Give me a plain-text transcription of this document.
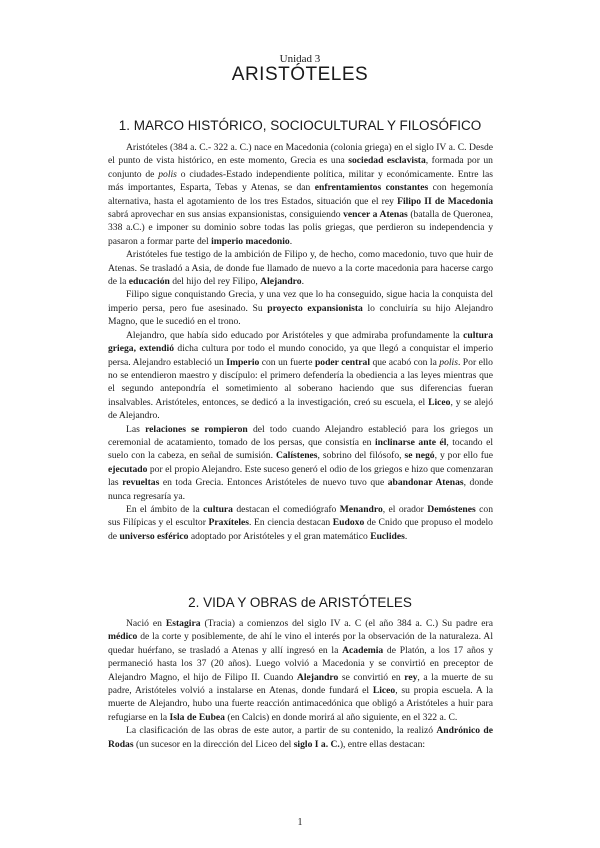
Unidad 3
ARISTÓTELES
1. MARCO HISTÓRICO, SOCIOCULTURAL Y FILOSÓFICO

Aristóteles (384 a. C.- 322 a. C.) nace en Macedonia (colonia griega) en el siglo IV a. C. Desde el punto de vista histórico, en este momento, Grecia es una sociedad esclavista, formada por un conjunto de polis o ciudades-Estado independiente política, militar y económicamente. Entre las más importantes, Esparta, Tebas y Atenas, se dan enfrentamientos constantes con hegemonía alternativa, hasta el agotamiento de los tres Estados, situación que el rey Filipo II de Macedonia sabrá aprovechar en sus ansias expansionistas, consiguiendo vencer a Atenas (batalla de Queronea, 338 a.C.) e imponer su dominio sobre todas las polis griegas, que perdieron su independencia y pasaron a formar parte del imperio macedonio.

Aristóteles fue testigo de la ambición de Filipo y, de hecho, como macedonio, tuvo que huir de Atenas. Se trasladó a Asia, de donde fue llamado de nuevo a la corte macedonia para hacerse cargo de la educación del hijo del rey Filipo, Alejandro.

Filipo sigue conquistando Grecia, y una vez que lo ha conseguido, sigue hacia la conquista del imperio persa, pero fue asesinado. Su proyecto expansionista lo concluiría su hijo Alejandro Magno, que le sucedió en el trono.

Alejandro, que había sido educado por Aristóteles y que admiraba profundamente la cultura griega, extendió dicha cultura por todo el mundo conocido, ya que llegó a conquistar el imperio persa. Alejandro estableció un Imperio con un fuerte poder central que acabó con la polis. Por ello no se entendieron maestro y discípulo: el primero defendería la obediencia a las leyes mientras que el segundo antepondría el sometimiento al soberano haciendo que sus diferencias fueran insalvables. Aristóteles, entonces, se dedicó a la investigación, creó su escuela, el Liceo, y se alejó de Alejandro.

Las relaciones se rompieron del todo cuando Alejandro estableció para los griegos un ceremonial de acatamiento, tomado de los persas, que consistía en inclinarse ante él, tocando el suelo con la cabeza, en señal de sumisión. Calístenes, sobrino del filósofo, se negó, y por ello fue ejecutado por el propio Alejandro. Este suceso generó el odio de los griegos e hizo que comenzaran las revueltas en toda Grecia. Entonces Aristóteles de nuevo tuvo que abandonar Atenas, donde nunca regresaría ya.

En el ámbito de la cultura destacan el comediógrafo Menandro, el orador Demóstenes con sus Filípicas y el escultor Praxíteles. En ciencia destacan Eudoxo de Cnido que propuso el modelo de universo esférico adoptado por Aristóteles y el gran matemático Euclides.

2. VIDA Y OBRAS de ARISTÓTELES

Nació en Estagira (Tracia) a comienzos del siglo IV a. C (el año 384 a. C.) Su padre era médico de la corte y posiblemente, de ahí le vino el interés por la observación de la naturaleza. Al quedar huérfano, se trasladó a Atenas y allí ingresó en la Academia de Platón, a los 17 años y permaneció hasta los 37 (20 años). Luego volvió a Macedonia y se convirtió en preceptor de Alejandro Magno, el hijo de Filipo II. Cuando Alejandro se convirtió en rey, a la muerte de su padre, Aristóteles volvió a instalarse en Atenas, donde fundará el Liceo, su propia escuela. A la muerte de Alejandro, hubo una fuerte reacción antimacedónica que obligó a Aristóteles a huir para refugiarse en la Isla de Eubea (en Calcis) en donde morirá al año siguiente, en el 322 a. C.

La clasificación de las obras de este autor, a partir de su contenido, la realizó Andrónico de Rodas (un sucesor en la dirección del Liceo del siglo I a. C.), entre ellas destacan:

1
